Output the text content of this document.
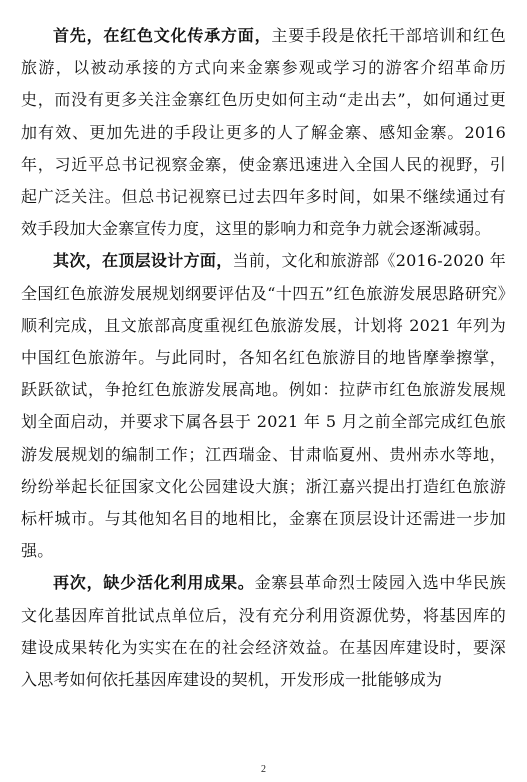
首先，在红色文化传承方面，主要手段是依托干部培训和红色旅游，以被动承接的方式向来金寨参观或学习的游客介绍革命历史，而没有更多关注金寨红色历史如何主动“走出去”，如何通过更加有效、更加先进的手段让更多的人了解金寨、感知金寨。2016 年，习近平总书记视察金寨，使金寨迅速进入全国人民的视野，引起广泛关注。但总书记视察已过去四年多时间，如果不继续通过有效手段加大金寨宣传力度，这里的影响力和竞争力就会逐渐减弱。

其次，在顶层设计方面，当前，文化和旅游部《2016-2020 年全国红色旅游发展规划纲要评估及“十四五”红色旅游发展思路研究》顺利完成，且文旅部高度重视红色旅游发展，计划将 2021 年列为中国红色旅游年。与此同时，各知名红色旅游目的地皆摩拳擦掌，跃跃欲试，争抢红色旅游发展高地。例如：拉萨市红色旅游发展规划全面启动，并要求下属各县于 2021 年 5 月之前全部完成红色旅游发展规划的编制工作；江西瑞金、甘肃临夏州、贵州赤水等地，纷纷举起长征国家文化公园建设大旗；浙江嘉兴提出打造红色旅游标杆城市。与其他知名目的地相比，金寨在顶层设计还需进一步加强。

再次，缺少活化利用成果。金寨县革命烈士陵园入选中华民族文化基因库首批试点单位后，没有充分利用资源优势，将基因库的建设成果转化为实实在在的社会经济效益。在基因库建设时，要深入思考如何依托基因库建设的契机，开发形成一批能够成为

2
